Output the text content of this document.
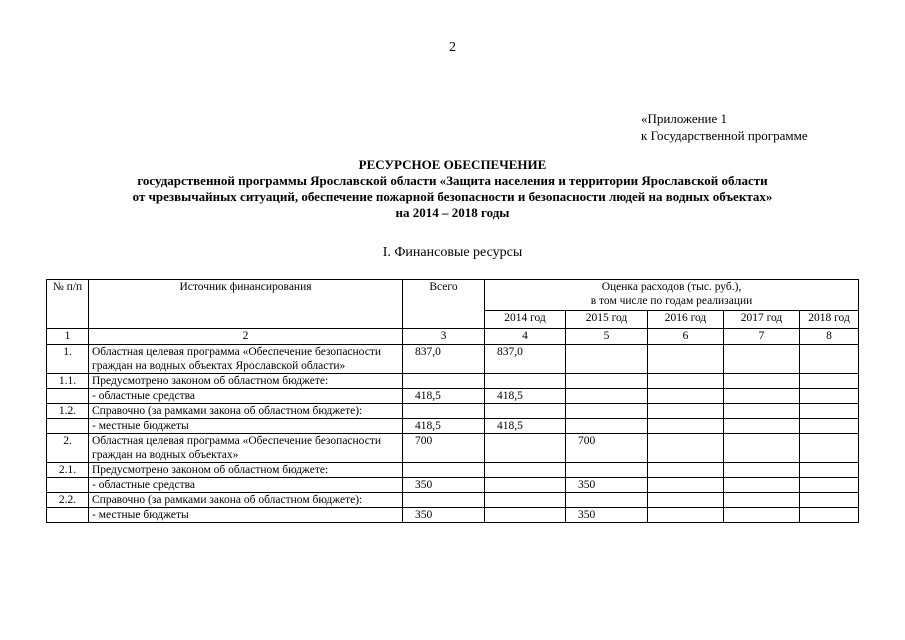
2
«Приложение 1
к Государственной программе
РЕСУРСНОЕ ОБЕСПЕЧЕНИЕ
государственной программы Ярославской области «Защита населения и территории Ярославской области
от чрезвычайных ситуаций, обеспечение пожарной безопасности и безопасности людей на водных объектах»
на 2014 – 2018 годы
I. Финансовые ресурсы
№ п/п	Источник финансирования	Всего	Оценка расходов (тыс. руб.),
в том числе по годам реализации				

			2014 год	2015 год	2016 год	2017 год	2018 год
1	2	3	4	5	6	7	8
1.	Областная целевая программа «Обеспечение безопасности граждан на водных объектах Ярославской области»	837,0	837,0				
1.1.	Предусмотрено законом об областном бюджете:						
	- областные средства	418,5	418,5				
1.2.	Справочно (за рамками закона об областном бюджете):						
	- местные бюджеты	418,5	418,5				
2.	Областная целевая программа «Обеспечение безопасности граждан на водных объектах»	700		700			
2.1.	Предусмотрено законом об областном бюджете:						
	- областные средства	350		350			
2.2.	Справочно (за рамками закона об областном бюджете):						
	- местные бюджеты	350		350			
